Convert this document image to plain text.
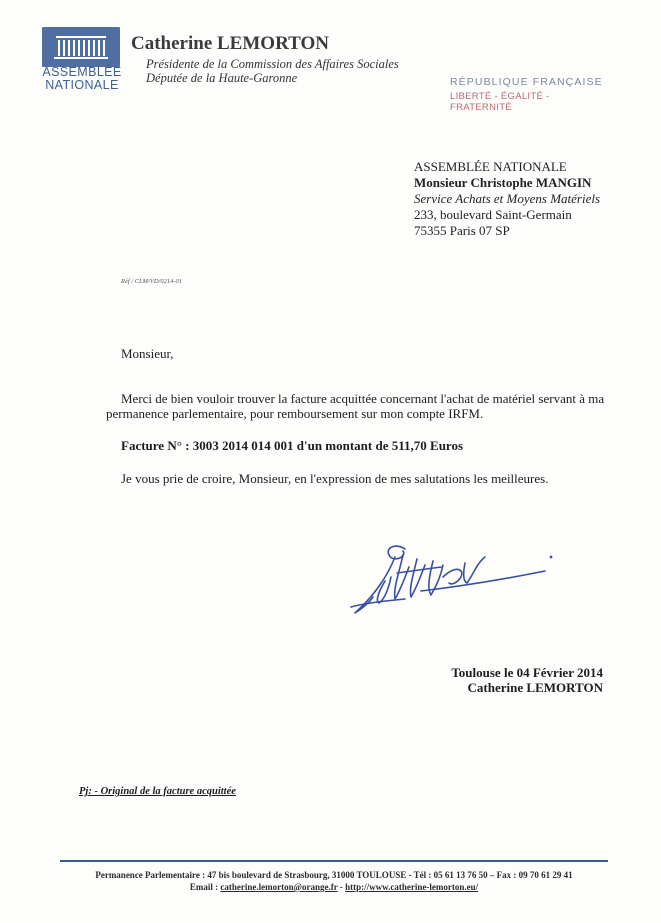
ASSEMBLÉE
NATIONALE
Catherine LEMORTON
Présidente de la Commission des Affaires Sociales
Députée de la Haute-Garonne	RÉPUBLIQUE FRANÇAISE
LIBERTÉ - ÉGALITÉ - FRATERNITÉ
ASSEMBLÉE NATIONALE
Monsieur Christophe MANGIN
Service Achats et Moyens Matériels
233, boulevard Saint-Germain
75355 Paris 07 SP
Réf / CLM/VD/0214-01
Monsieur,
Merci de bien vouloir trouver la facture acquittée concernant l'achat de matériel servant à ma permanence parlementaire, pour remboursement sur mon compte IRFM.
Facture N° : 3003 2014 014 001 d'un montant de 511,70 Euros
Je vous prie de croire, Monsieur, en l'expression de mes salutations les meilleures.
Toulouse le 04 Février 2014
Catherine LEMORTON
Pj: - Original de la facture acquittée
Permanence Parlementaire : 47 bis boulevard de Strasbourg, 31000 TOULOUSE - Tél : 05 61 13 76 50 – Fax : 09 70 61 29 41
Email : catherine.lemorton@orange.fr - http://www.catherine-lemorton.eu/
